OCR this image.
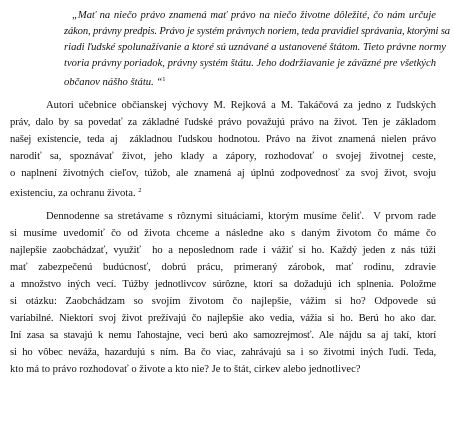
„Mať na niečo právo znamená mať právo na niečo životne dôležité, čo nám určuje
zákon, právny predpis. Právo je systém právnych noriem, teda pravidiel správania, ktorými sa
riadi ľudské spolunažívanie a ktoré sú uznávané a ustanovené štátom. Tieto právne normy
tvoria právny poriadok, právny systém štátu. Jeho dodržiavanie je záväzné pre všetkých
občanov nášho štátu. “$^1$
Autori učebnice občianskej výchovy M. Rejková a M. Takáčová za jedno z ľudských
práv, dalo by sa povedať za základné ľudské právo považujú právo na život. Ten je základom
našej existencie, teda aj  základnou ľudskou hodnotou. Právo na život znamená nielen právo
narodiť  sa,  spoznávať  život,  jeho  klady  a  zápory,  rozhodovať  o  svojej  životnej  ceste,
o naplnení životných cieľov, túžob, ale znamená aj úplnú zodpovednosť za svoj život, svoju
existenciu, za ochranu života. $^2$
Dennodenne sa stretávame s rôznymi situáciami, ktorým musíme čeliť.  V prvom rade
si musíme uvedomiť čo od života chceme a následne ako s daným životom čo máme čo
najlepšie zaobchádzať, využiť  ho a neposlednom rade i vážiť si ho. Každý jeden z nás túži
mať  zabezpečenú  budúcnosť,  dobrú  prácu,  primeraný  zárobok,  mať  rodinu,  zdravie
a množstvo iných vecí. Túžby jednotlivcov súrôzne, ktorí sa dožadujú ich splnenia. Položme
si otázku: Zaobchádzam so svojím životom čo najlepšie, vážim si ho? Odpovede sú
variabilné. Niektorí svoj život prežívajú čo najlepšie ako vedia, vážia si ho. Berú ho ako dar.
Iní zasa sa stavajú k nemu ľahostajne, veci berú ako samozrejmosť. Ale nájdu sa aj takí, ktorí
si ho vôbec neváža, hazardujú s ním. Ba čo viac, zahrávajú sa i so životmi iných ľudí. Teda,
kto má to právo rozhodovať o živote a kto nie? Je to štát, cirkev alebo jednotlivec?
